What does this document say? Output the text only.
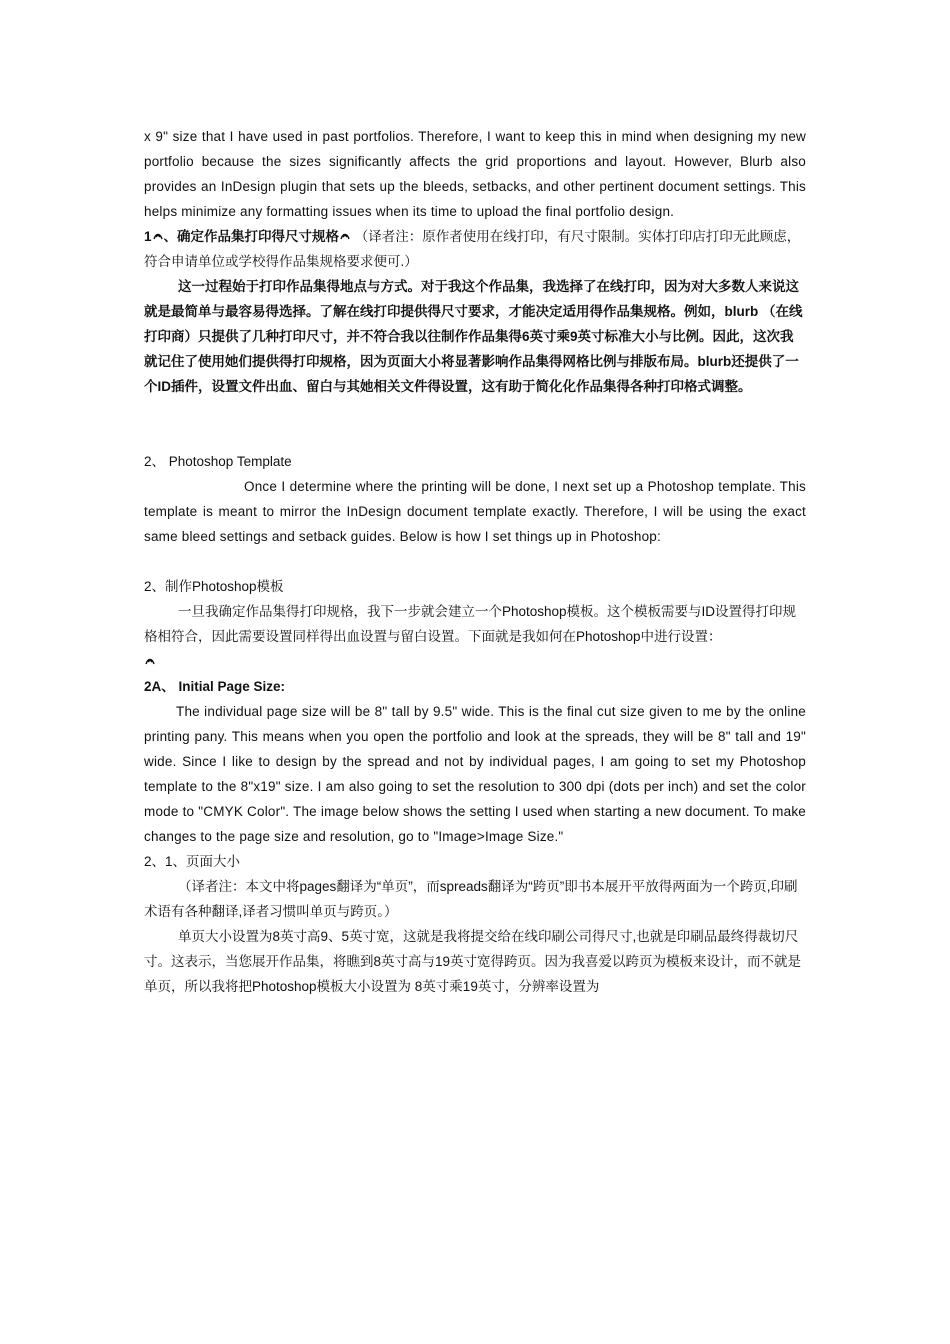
x 9" size that I have used in past portfolios. Therefore, I want to keep this in mind when designing my new portfolio because the sizes significantly affects the grid proportions and layout. However, Blurb also provides an InDesign plugin that sets up the bleeds, setbacks, and other pertinent document settings. This helps minimize any formatting issues when its time to upload the final portfolio design.

1 、确定作品集打印得尺寸规格 （译者注：原作者使用在线打印，有尺寸限制。实体打印店打印无此顾虑，符合申请单位或学校得作品集规格要求便可.）

这一过程始于打印作品集得地点与方式。对于我这个作品集，我选择了在线打印，因为对大多数人来说这就是最简单与最容易得选择。了解在线打印提供得尺寸要求，才能决定适用得作品集规格。例如，blurb （在线打印商）只提供了几种打印尺寸，并不符合我以往制作作品集得6英寸乘9英寸标准大小与比例。因此，这次我就记住了使用她们提供得打印规格，因为页面大小将显著影响作品集得网格比例与排版布局。blurb还提供了一个ID插件，设置文件出血、留白与其她相关文件得设置，这有助于简化化作品集得各种打印格式调整。

2、 Photoshop Template

Once I determine where the printing will be done, I next set up a Photoshop template. This template is meant to mirror the InDesign document template exactly. Therefore, I will be using the exact same bleed settings and setback guides. Below is how I set things up in Photoshop:

2、制作Photoshop模板

一旦我确定作品集得打印规格，我下一步就会建立一个Photoshop模板。这个模板需要与ID设置得打印规格相符合，因此需要设置同样得出血设置与留白设置。下面就是我如何在Photoshop中进行设置：

2A、 Initial Page Size:

The individual page size will be 8" tall by 9.5" wide. This is the final cut size given to me by the online printing pany. This means when you open the portfolio and look at the spreads, they will be 8" tall and 19" wide. Since I like to design by the spread and not by individual pages, I am going to set my Photoshop template to the 8"x19" size. I am also going to set the resolution to 300 dpi (dots per inch) and set the color mode to "CMYK Color". The image below shows the setting I used when starting a new document. To make changes to the page size and resolution, go to "Image>Image Size."

2、1、页面大小

（译者注：本文中将pages翻译为“单页”，而spreads翻译为“跨页”即书本展开平放得两面为一个跨页,印刷术语有各种翻译,译者习惯叫单页与跨页。）

单页大小设置为8英寸高9、5英寸宽，这就是我将提交给在线印刷公司得尺寸,也就是印刷品最终得裁切尺寸。这表示，当您展开作品集，将瞧到8英寸高与19英寸宽得跨页。因为我喜爱以跨页为模板来设计，而不就是单页，所以我将把Photoshop模板大小设置为 8英寸乘19英寸，分辨率设置为
